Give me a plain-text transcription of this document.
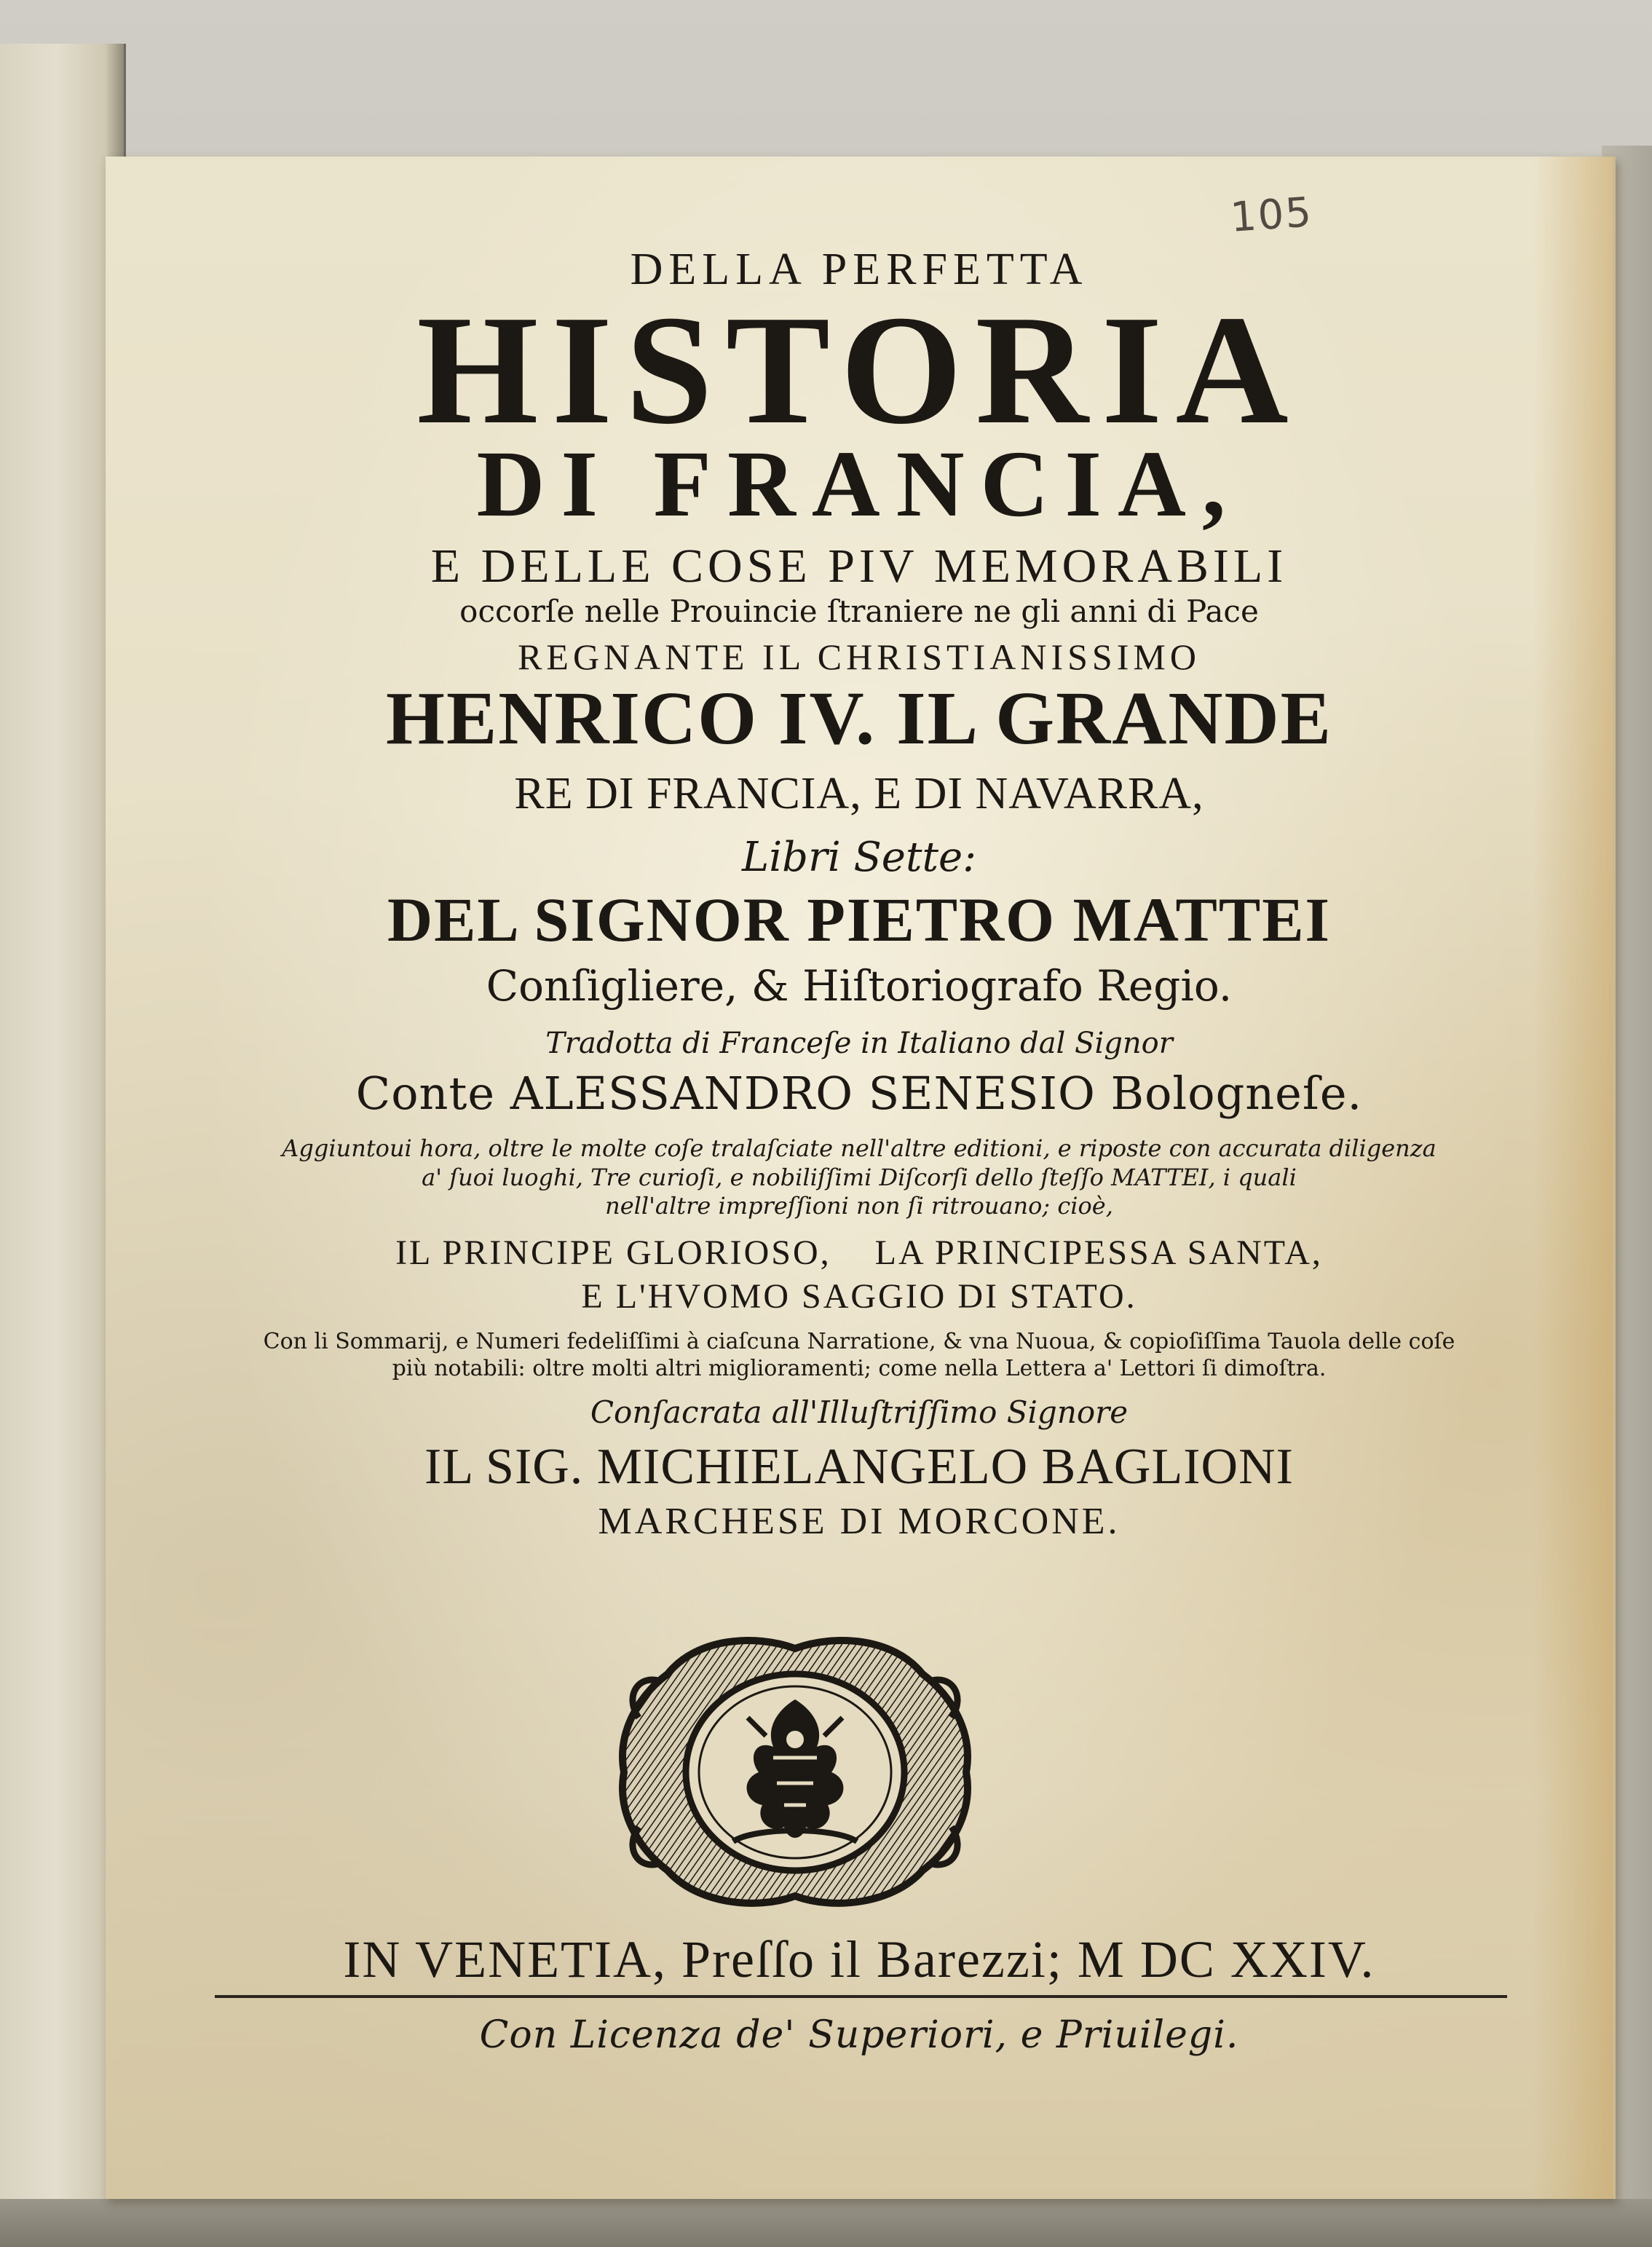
105
DELLA PERFETTA
HISTORIA
DI FRANCIA,
E DELLE COSE PIV MEMORABILI
occorſe nelle Prouincie ſtraniere ne gli anni di Pace
REGNANTE IL CHRISTIANISSIMO
HENRICO IV. IL GRANDE
RE DI FRANCIA, E DI NAVARRA,
Libri Sette:
DEL SIGNOR PIETRO MATTEI
Conſigliere, & Hiſtoriografo Regio.
Tradotta di Franceſe in Italiano dal Signor
Conte ALESSANDRO SENESIO Bologneſe.
Aggiuntoui hora, oltre le molte coſe tralaſciate nell'altre editioni, e riposte con accurata diligenza
a' ſuoi luoghi, Tre curioſi, e nobiliſſimi Diſcorſi dello ſteſſo MATTEI, i quali
nell'altre impreſſioni non ſi ritrouano; cioè,
IL PRINCIPE GLORIOSO,    LA PRINCIPESSA SANTA,
E L'HVOMO SAGGIO DI STATO.
Con li Sommarij, e Numeri fedeliſſimi à ciaſcuna Narratione, & vna Nuoua, & copioſiſſima Tauola delle coſe
più notabili: oltre molti altri miglioramenti; come nella Lettera a' Lettori ſi dimoſtra.
Conſacrata all'Illuſtriſſimo Signore
IL SIG. MICHIELANGELO BAGLIONI
MARCHESE DI MORCONE.
IN VENETIA, Preſſo il Barezzi; M DC XXIV.
Con Licenza de' Superiori, e Priuilegi.
